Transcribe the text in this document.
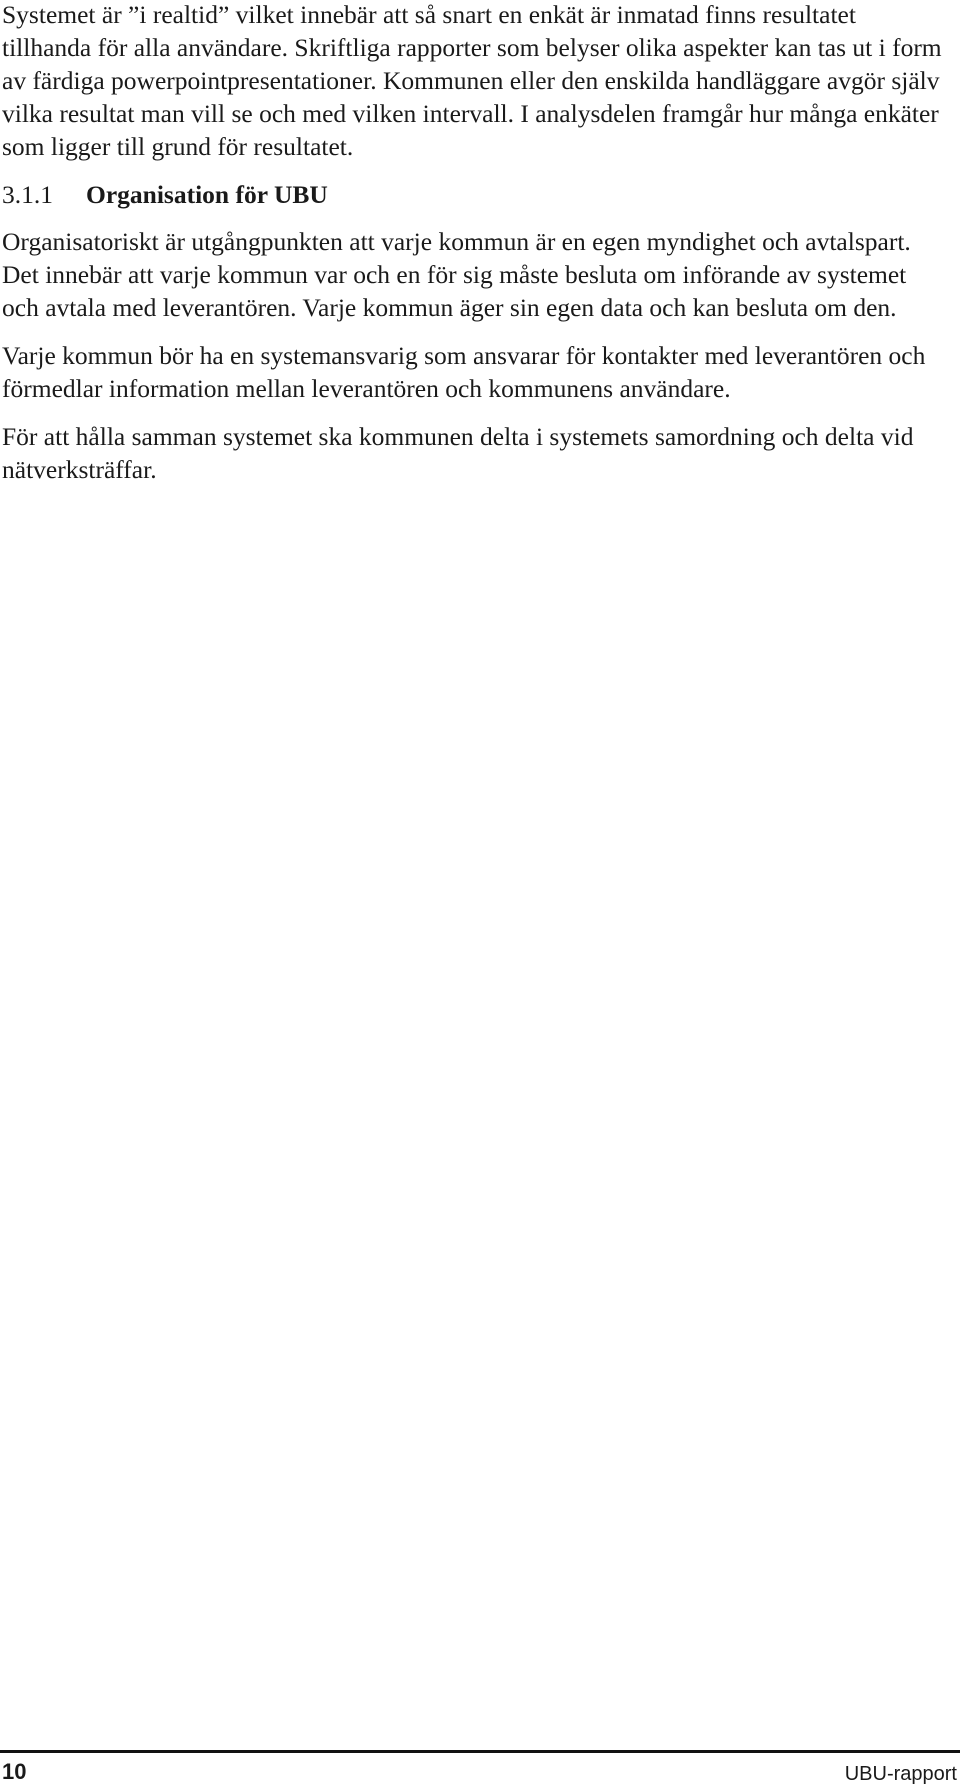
Systemet är ”i realtid” vilket innebär att så snart en enkät är inmatad finns resultatet tillhanda för alla användare. Skriftliga rapporter som belyser olika aspekter kan tas ut i form av färdiga powerpointpresentationer. Kommunen eller den enskilda handläggare avgör själv vilka resultat man vill se och med vilken intervall. I analysdelen framgår hur många enkäter som ligger till grund för resultatet.

3.1.1 Organisation för UBU

Organisatoriskt är utgångpunkten att varje kommun är en egen myndighet och avtalspart. Det innebär att varje kommun var och en för sig måste besluta om införande av systemet och avtala med leverantören. Varje kommun äger sin egen data och kan besluta om den.

Varje kommun bör ha en systemansvarig som ansvarar för kontakter med leverantören och förmedlar information mellan leverantören och kommunens användare.

För att hålla samman systemet ska kommunen delta i systemets samordning och delta vid nätverksträffar.

10	UBU-rapport
